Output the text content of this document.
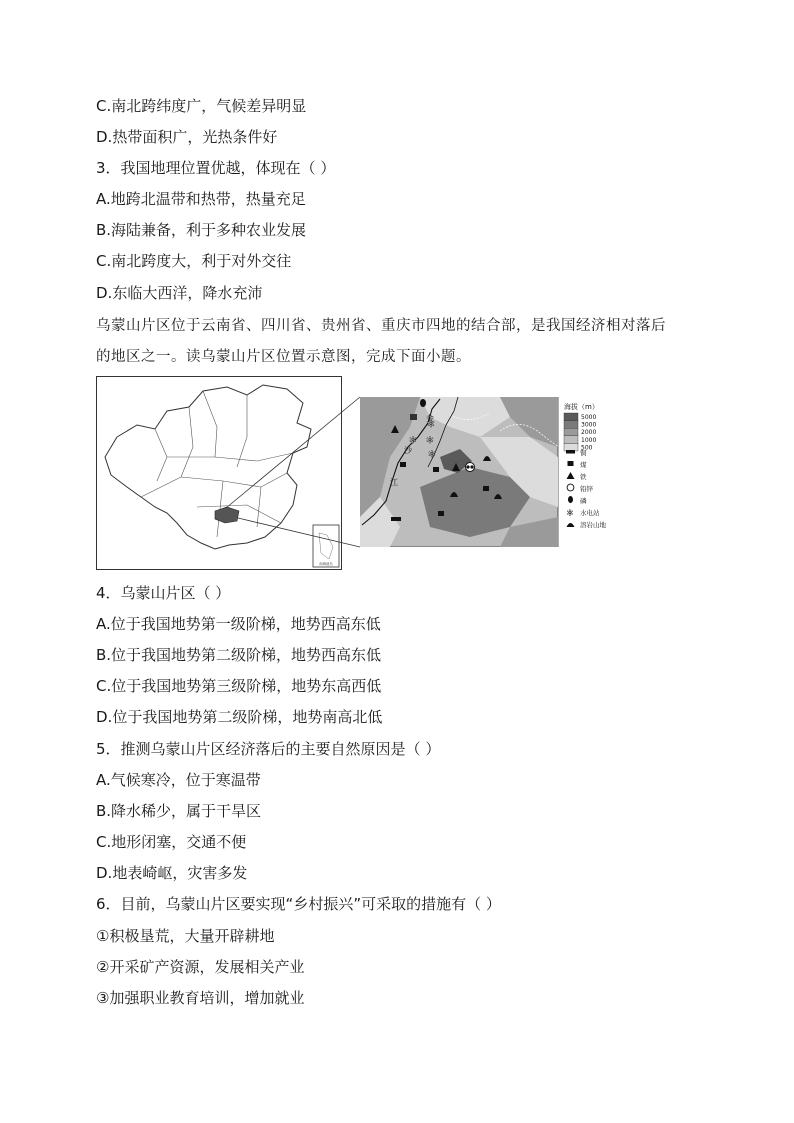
C.南北跨纬度广，气候差异明显
D.热带面积广，光热条件好
3．我国地理位置优越，体现在（ ）
A.地跨北温带和热带，热量充足
B.海陆兼备，利于多种农业发展
C.南北跨度大，利于对外交往
D.东临大西洋，降水充沛
乌蒙山片区位于云南省、四川省、贵州省、重庆市四地的结合部，是我国经济相对落后
的地区之一。读乌蒙山片区位置示意图，完成下面小题。
南海诸岛
金
沙
江
✲
✲
✲
✲
海拔（m）
5000
3000
2000
1000
500
铜
煤
铁
铅锌
磷
✲ 水电站
溶岩山地
4．乌蒙山片区（ ）
A.位于我国地势第一级阶梯，地势西高东低
B.位于我国地势第二级阶梯，地势西高东低
C.位于我国地势第三级阶梯，地势东高西低
D.位于我国地势第二级阶梯，地势南高北低
5．推测乌蒙山片区经济落后的主要自然原因是（ ）
A.气候寒冷，位于寒温带
B.降水稀少，属于干旱区
C.地形闭塞，交通不便
D.地表崎岖，灾害多发
6．目前，乌蒙山片区要实现“乡村振兴”可采取的措施有（ ）
①积极垦荒，大量开辟耕地
②开采矿产资源，发展相关产业
③加强职业教育培训，增加就业
